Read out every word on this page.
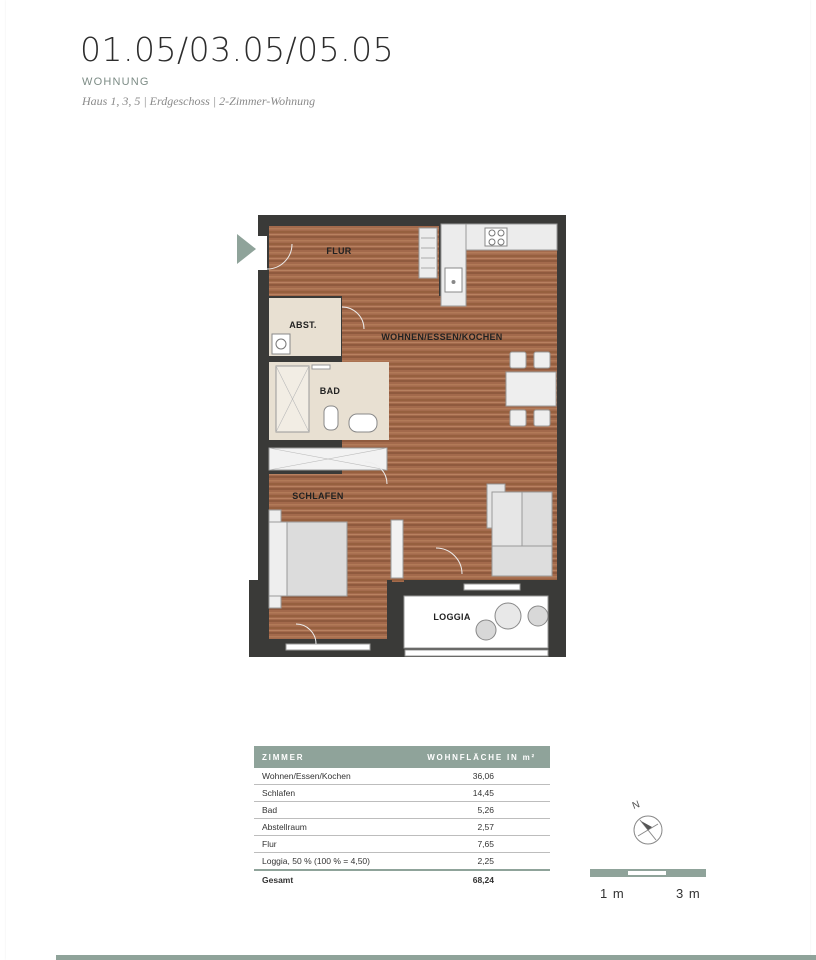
01.05/03.05/05.05
WOHNUNG
Haus 1, 3, 5 | Erdgeschoss | 2-Zimmer-Wohnung
FLUR
WOHNEN/ESSEN/KOCHEN
ABST.
BAD
SCHLAFEN
LOGGIA
ZIMMER	WOHNFLÄCHE IN m²
Wohnen/Essen/Kochen	36,06
Schlafen	14,45
Bad	5,26
Abstellraum	2,57
Flur	7,65
Loggia, 50 % (100 % = 4,50)	2,25
Gesamt	68,24
N
1 m	3 m
